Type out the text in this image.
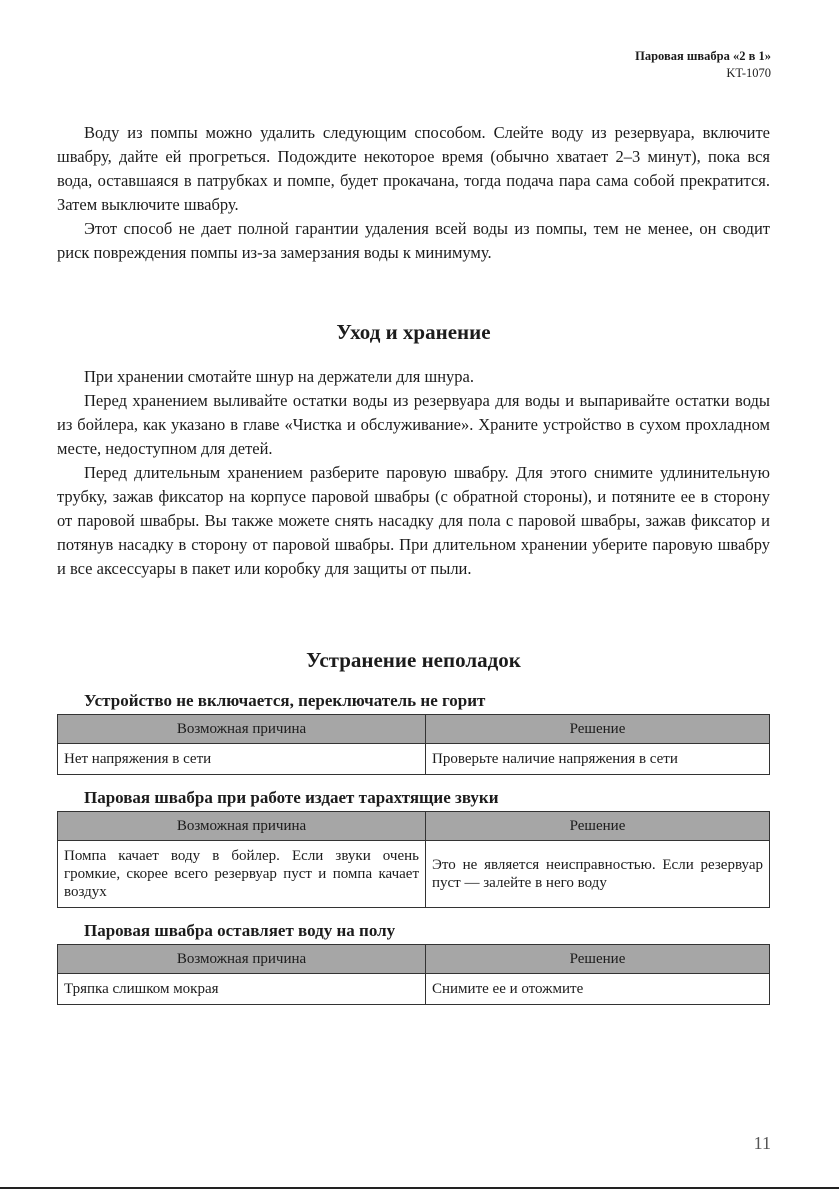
Паровая швабра «2 в 1»
KT-1070

Воду из помпы можно удалить следующим способом. Слейте воду из резервуара, включите швабру, дайте ей прогреться. Подождите некоторое время (обычно хватает 2–3 минут), пока вся вода, оставшаяся в патрубках и помпе, будет прокачана, тогда подача пара сама собой прекратится. Затем выключите швабру.

Этот способ не дает полной гарантии удаления всей воды из помпы, тем не менее, он сводит риск повреждения помпы из-за замерзания воды к минимуму.

Уход и хранение

При хранении смотайте шнур на держатели для шнура.

Перед хранением выливайте остатки воды из резервуара для воды и выпаривайте остатки воды из бойлера, как указано в главе «Чистка и обслуживание». Храните устройство в сухом прохладном месте, недоступном для детей.

Перед длительным хранением разберите паровую швабру. Для этого снимите удлинительную трубку, зажав фиксатор на корпусе паровой швабры (с обратной стороны), и потяните ее в сторону от паровой швабры. Вы также можете снять насадку для пола с паровой швабры, зажав фиксатор и потянув насадку в сторону от паровой швабры. При длительном хранении уберите паровую швабру и все аксессуары в пакет или коробку для защиты от пыли.

Устранение неполадок
Устройство не включается, переключатель не горит
Возможная причина	Решение
Нет напряжения в сети	Проверьте наличие напряжения в сети
Паровая швабра при работе издает тарахтящие звуки
Возможная причина	Решение
Помпа качает воду в бойлер. Если звуки очень громкие, скорее всего резервуар пуст и помпа качает воздух	Это не является неисправностью. Если резервуар пуст — залейте в него воду
Паровая швабра оставляет воду на полу
Возможная причина	Решение
Тряпка слишком мокрая	Снимите ее и отожмите
11
